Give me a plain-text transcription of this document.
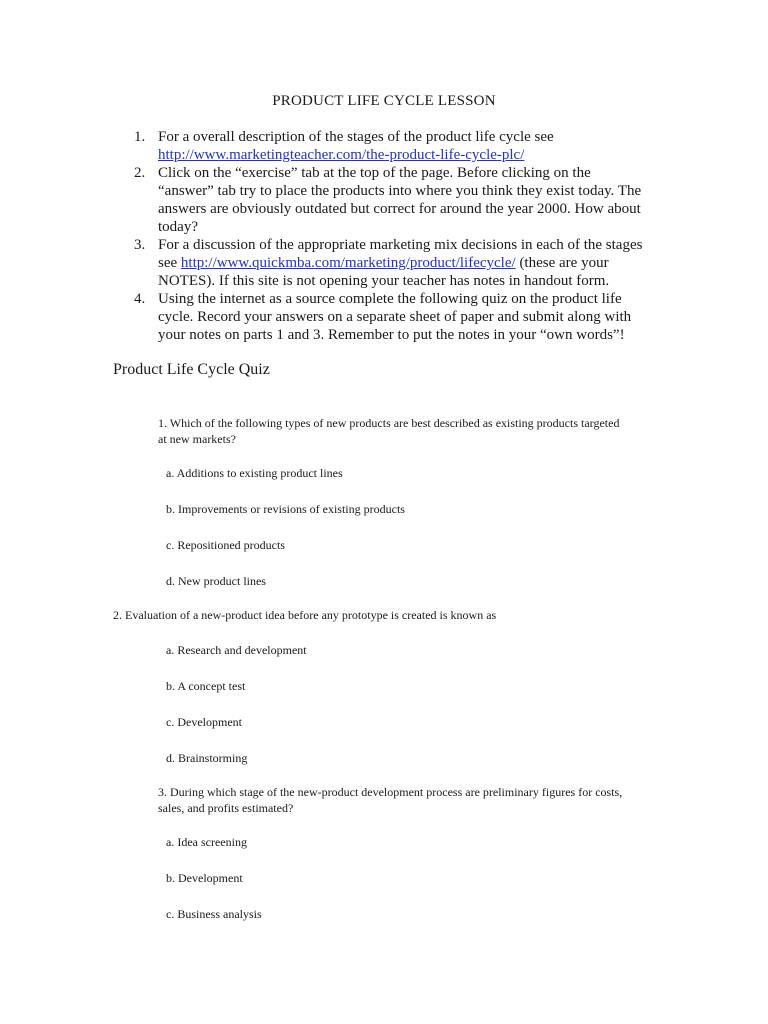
PRODUCT LIFE CYCLE LESSON
1. For a overall description of the stages of the product life cycle see
http://www.marketingteacher.com/the-product-life-cycle-plc/
2. Click on the “exercise” tab at the top of the page. Before clicking on the
“answer” tab try to place the products into where you think they exist today. The
answers are obviously outdated but correct for around the year 2000. How about
today?
3. For a discussion of the appropriate marketing mix decisions in each of the stages
see http://www.quickmba.com/marketing/product/lifecycle/ (these are your
NOTES). If this site is not opening your teacher has notes in handout form.
4. Using the internet as a source complete the following quiz on the product life
cycle. Record your answers on a separate sheet of paper and submit along with
your notes on parts 1 and 3. Remember to put the notes in your “own words”!
Product Life Cycle Quiz
1. Which of the following types of new products are best described as existing products targeted
at new markets?
a. Additions to existing product lines
b. Improvements or revisions of existing products
c. Repositioned products
d. New product lines
2. Evaluation of a new-product idea before any prototype is created is known as
a. Research and development
b. A concept test
c. Development
d. Brainstorming
3. During which stage of the new-product development process are preliminary figures for costs,
sales, and profits estimated?
a. Idea screening
b. Development
c. Business analysis
